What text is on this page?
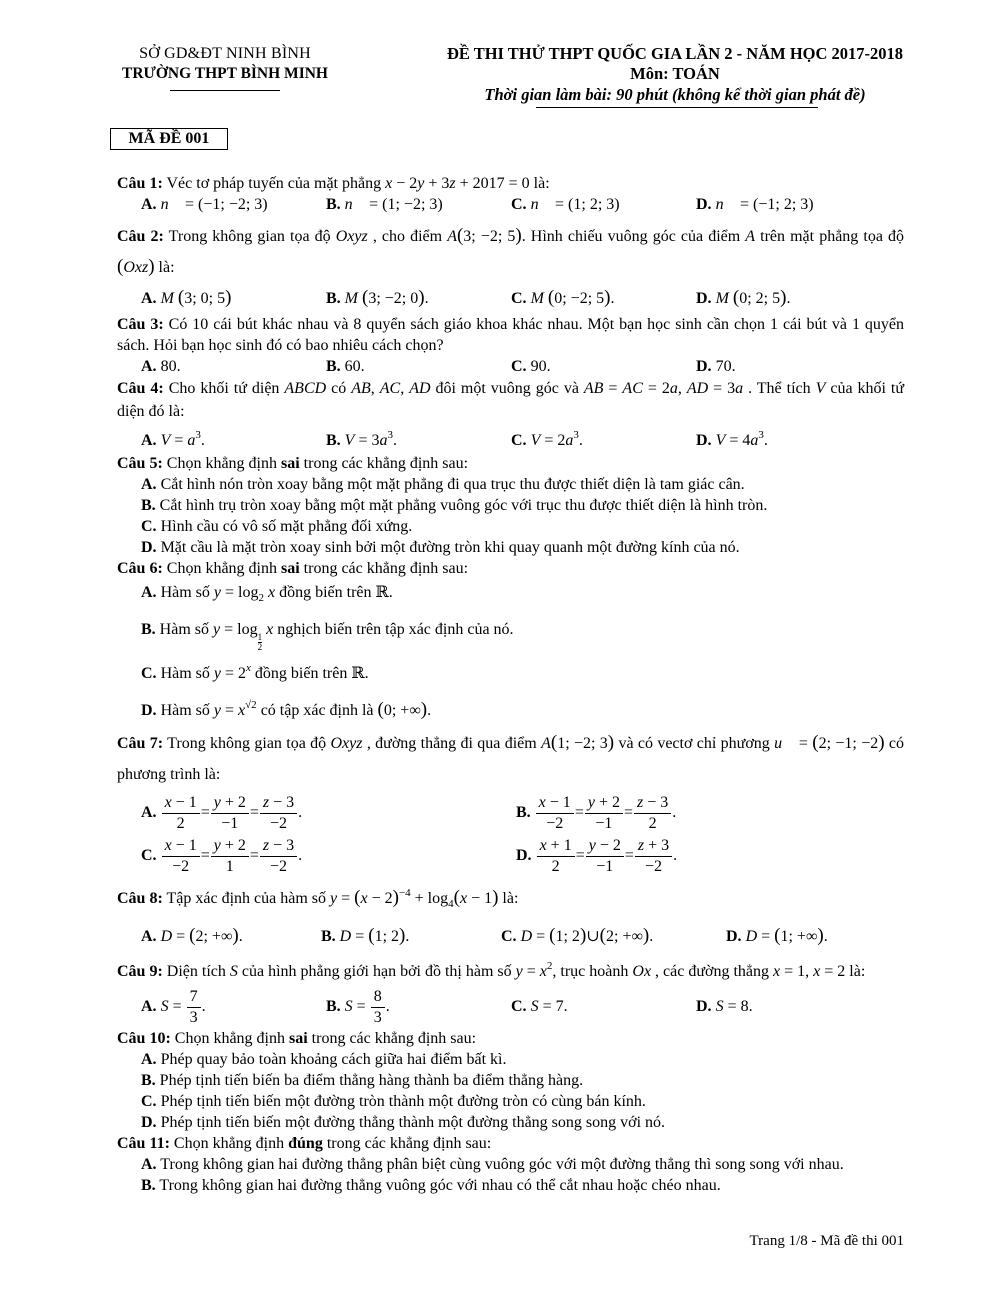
SỞ GD&ĐT NINH BÌNH
TRƯỜNG THPT BÌNH MINH
ĐỀ THI THỬ THPT QUỐC GIA LẦN 2 - NĂM HỌC 2017-2018
Môn: TOÁN
Thời gian làm bài: 90 phút (không kể thời gian phát đề)
MÃ ĐỀ 001

Câu 1: Véc tơ pháp tuyến của mặt phẳng x − 2y + 3z + 2017 = 0 là:

A. n⃗ = (−1; −2; 3)	B. n⃗ = (1; −2; 3)	C. n⃗ = (1; 2; 3)	D. n⃗ = (−1; 2; 3)

Câu 2: Trong không gian tọa độ Oxyz , cho điểm A(3; −2; 5). Hình chiếu vuông góc của điểm A trên mặt phẳng tọa độ (Oxz) là:

A. M (3; 0; 5)	B. M (3; −2; 0).	C. M (0; −2; 5).	D. M (0; 2; 5).

Câu 3: Có 10 cái bút khác nhau và 8 quyển sách giáo khoa khác nhau. Một bạn học sinh cần chọn 1 cái bút và 1 quyển sách. Hỏi bạn học sinh đó có bao nhiêu cách chọn?

A. 80.	B. 60.	C. 90.	D. 70.

Câu 4: Cho khối tứ diện ABCD có AB, AC, AD đôi một vuông góc và AB = AC = 2a, AD = 3a . Thể tích V của khối tứ diện đó là:

A. $V = a^3$.	B. $V = 3a^3$.	C. $V = 2a^3$.	D. $V = 4a^3$.

Câu 5: Chọn khẳng định sai trong các khẳng định sau:

A. Cắt hình nón tròn xoay bằng một mặt phẳng đi qua trục thu được thiết diện là tam giác cân.

B. Cắt hình trụ tròn xoay bằng một mặt phẳng vuông góc với trục thu được thiết diện là hình tròn.

C. Hình cầu có vô số mặt phẳng đối xứng.

D. Mặt cầu là mặt tròn xoay sinh bởi một đường tròn khi quay quanh một đường kính của nó.

Câu 6: Chọn khẳng định sai trong các khẳng định sau:

A. Hàm số $y = \log_2 x$ đồng biến trên ℝ.

B. Hàm số y = log
$_{\frac{1}{2}}$
x nghịch biến trên tập xác định của nó.

C. Hàm số $y = 2^x$ đồng biến trên ℝ.

D. Hàm số $y = x^{√2}$ có tập xác định là (0; +∞).

Câu 7: Trong không gian tọa độ Oxyz , đường thẳng đi qua điểm A(1; −2; 3) và có vectơ chỉ phương u⃗ = (2; −1; −2) có phương trình là:

A. $\frac{x - 1}{2} = \frac{y + 2}{-1} = \frac{z - 3}{-2}$ .	B. $\frac{x - 1}{-2} = \frac{y + 2}{-1} = \frac{z - 3}{2}$ .
C. $\frac{x - 1}{-2} = \frac{y + 2}{1} = \frac{z - 3}{-2}$ .	D. $\frac{x + 1}{2} = \frac{y - 2}{-1} = \frac{z + 3}{-2}$ .

Câu 8: Tập xác định của hàm số $y = (x - 2)^{-4} + \log_4(x - 1)$ là:

A. D = (2; +∞).	B. D = (1; 2).	C. D = (1; 2)∪(2; +∞).	D. D = (1; +∞).

Câu 9: Diện tích S của hình phẳng giới hạn bởi đồ thị hàm số $y = x^2$, trục hoành Ox , các đường thẳng x = 1, x = 2 là:

A. $S = \frac{7}{3}$ .	B. $S = \frac{8}{3}$ .	C. S = 7.	D. S = 8.

Câu 10: Chọn khẳng định sai trong các khẳng định sau:

A. Phép quay bảo toàn khoảng cách giữa hai điểm bất kì.

B. Phép tịnh tiến biến ba điểm thẳng hàng thành ba điểm thẳng hàng.

C. Phép tịnh tiến biến một đường tròn thành một đường tròn có cùng bán kính.

D. Phép tịnh tiến biến một đường thẳng thành một đường thẳng song song với nó.

Câu 11: Chọn khẳng định đúng trong các khẳng định sau:

A. Trong không gian hai đường thẳng phân biệt cùng vuông góc với một đường thẳng thì song song với nhau.

B. Trong không gian hai đường thẳng vuông góc với nhau có thể cắt nhau hoặc chéo nhau.

Trang 1/8 - Mã đề thi 001
